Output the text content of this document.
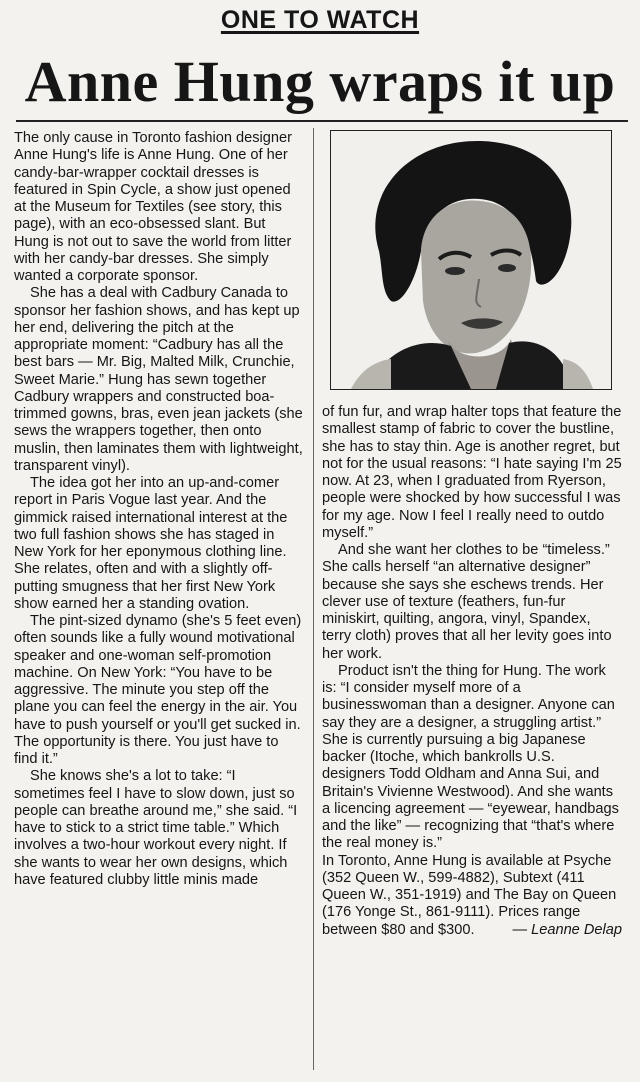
ONE TO WATCH
Anne Hung wraps it up

The only cause in Toronto fashion designer Anne Hung's life is Anne Hung. One of her candy-bar-wrapper cocktail dresses is featured in Spin Cycle, a show just opened at the Museum for Textiles (see story, this page), with an eco-obsessed slant. But Hung is not out to save the world from litter with her candy-bar dresses. She simply wanted a corporate sponsor.

She has a deal with Cadbury Canada to sponsor her fashion shows, and has kept up her end, delivering the pitch at the appropriate moment: “Cadbury has all the best bars — Mr. Big, Malted Milk, Crunchie, Sweet Marie.” Hung has sewn together Cadbury wrappers and constructed boa-trimmed gowns, bras, even jean jackets (she sews the wrappers together, then onto muslin, then laminates them with lightweight, transparent vinyl).

The idea got her into an up-and-comer report in Paris Vogue last year. And the gimmick raised international interest at the two full fashion shows she has staged in New York for her eponymous clothing line. She relates, often and with a slightly off-putting smugness that her first New York show earned her a standing ovation.

The pint-sized dynamo (she's 5 feet even) often sounds like a fully wound motivational speaker and one-woman self-promotion machine. On New York: “You have to be aggressive. The minute you step off the plane you can feel the energy in the air. You have to push yourself or you'll get sucked in. The opportunity is there. You just have to find it.”

She knows she's a lot to take: “I sometimes feel I have to slow down, just so people can breathe around me,” she said. “I have to stick to a strict time table.” Which involves a two-hour workout every night. If she wants to wear her own designs, which have featured clubby little minis made

of fun fur, and wrap halter tops that feature the smallest stamp of fabric to cover the bustline, she has to stay thin. Age is another regret, but not for the usual reasons: “I hate saying I'm 25 now. At 23, when I graduated from Ryerson, people were shocked by how successful I was for my age. Now I feel I really need to outdo myself.”

And she want her clothes to be “timeless.” She calls herself “an alternative designer” because she says she eschews trends. Her clever use of texture (feathers, fun-fur miniskirt, quilting, angora, vinyl, Spandex, terry cloth) proves that all her levity goes into her work.

Product isn't the thing for Hung. The work is: “I consider myself more of a businesswoman than a designer. Anyone can say they are a designer, a struggling artist.” She is currently pursuing a big Japanese backer (Itoche, which bankrolls U.S. designers Todd Oldham and Anna Sui, and Britain's Vivienne Westwood). And she wants a licencing agreement — “eyewear, handbags and the like” — recognizing that “that's where the real money is.”

In Toronto, Anne Hung is available at Psyche (352 Queen W., 599-4882), Subtext (411 Queen W., 351-1919) and The Bay on Queen (176 Yonge St., 861-9111). Prices range between $80 and $300.	— Leanne Delap
